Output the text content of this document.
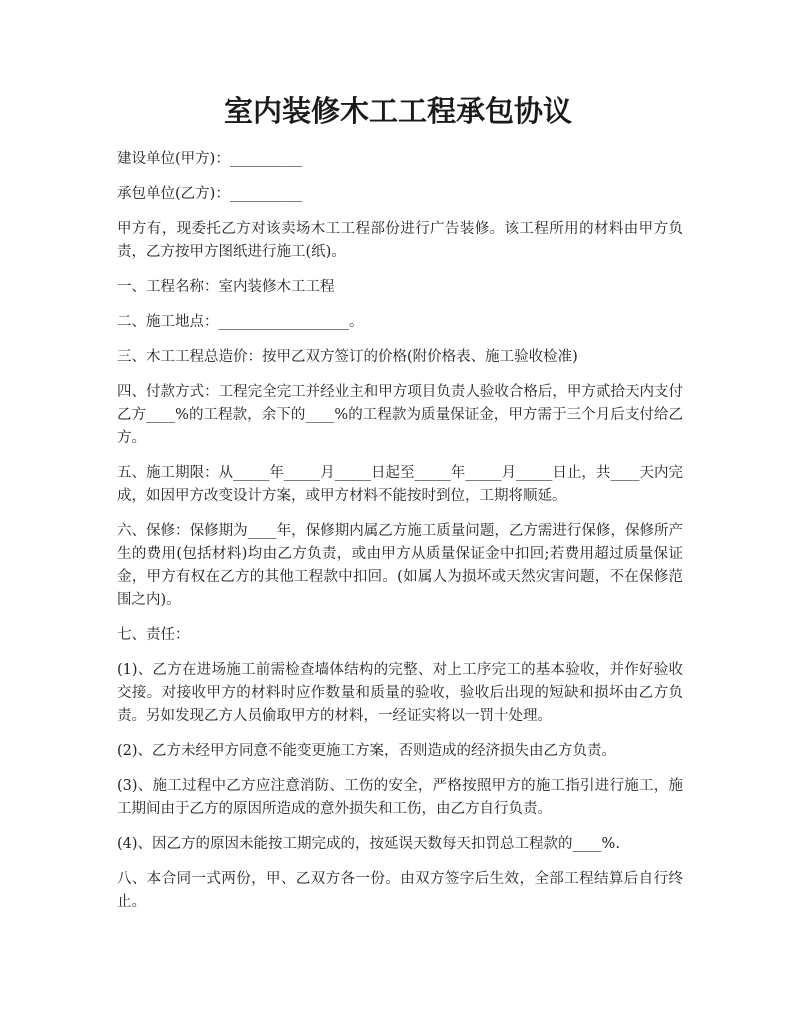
室内装修木工工程承包协议

建设单位(甲方)：__________

承包单位(乙方)：__________

甲方有，现委托乙方对该卖场木工工程部份进行广告装修。该工程所用的材料由甲方负责，乙方按甲方图纸进行施工(纸)。

一、工程名称：室内装修木工工程

二、施工地点：__________________。

三、木工工程总造价：按甲乙双方签订的价格(附价格表、施工验收检准)

四、付款方式：工程完全完工并经业主和甲方项目负责人验收合格后，甲方贰拾天内支付乙方____%的工程款，余下的____%的工程款为质量保证金，甲方需于三个月后支付给乙方。

五、施工期限：从_____年_____月_____日起至_____年_____月_____日止，共____天内完成，如因甲方改变设计方案，或甲方材料不能按时到位，工期将顺延。

六、保修：保修期为____年，保修期内属乙方施工质量问题，乙方需进行保修，保修所产生的费用(包括材料)均由乙方负责，或由甲方从质量保证金中扣回;若费用超过质量保证金，甲方有权在乙方的其他工程款中扣回。(如属人为损坏或天然灾害问题，不在保修范围之内)。

七、责任：

(1)、乙方在进场施工前需检查墙体结构的完整、对上工序完工的基本验收，并作好验收交接。对接收甲方的材料时应作数量和质量的验收，验收后出现的短缺和损坏由乙方负责。另如发现乙方人员偷取甲方的材料，一经证实将以一罚十处理。

(2)、乙方未经甲方同意不能变更施工方案，否则造成的经济损失由乙方负责。

(3)、施工过程中乙方应注意消防、工伤的安全，严格按照甲方的施工指引进行施工，施工期间由于乙方的原因所造成的意外损失和工伤，由乙方自行负责。

(4)、因乙方的原因未能按工期完成的，按延误天数每天扣罚总工程款的____%.

八、本合同一式两份，甲、乙双方各一份。由双方签字后生效，全部工程结算后自行终止。
